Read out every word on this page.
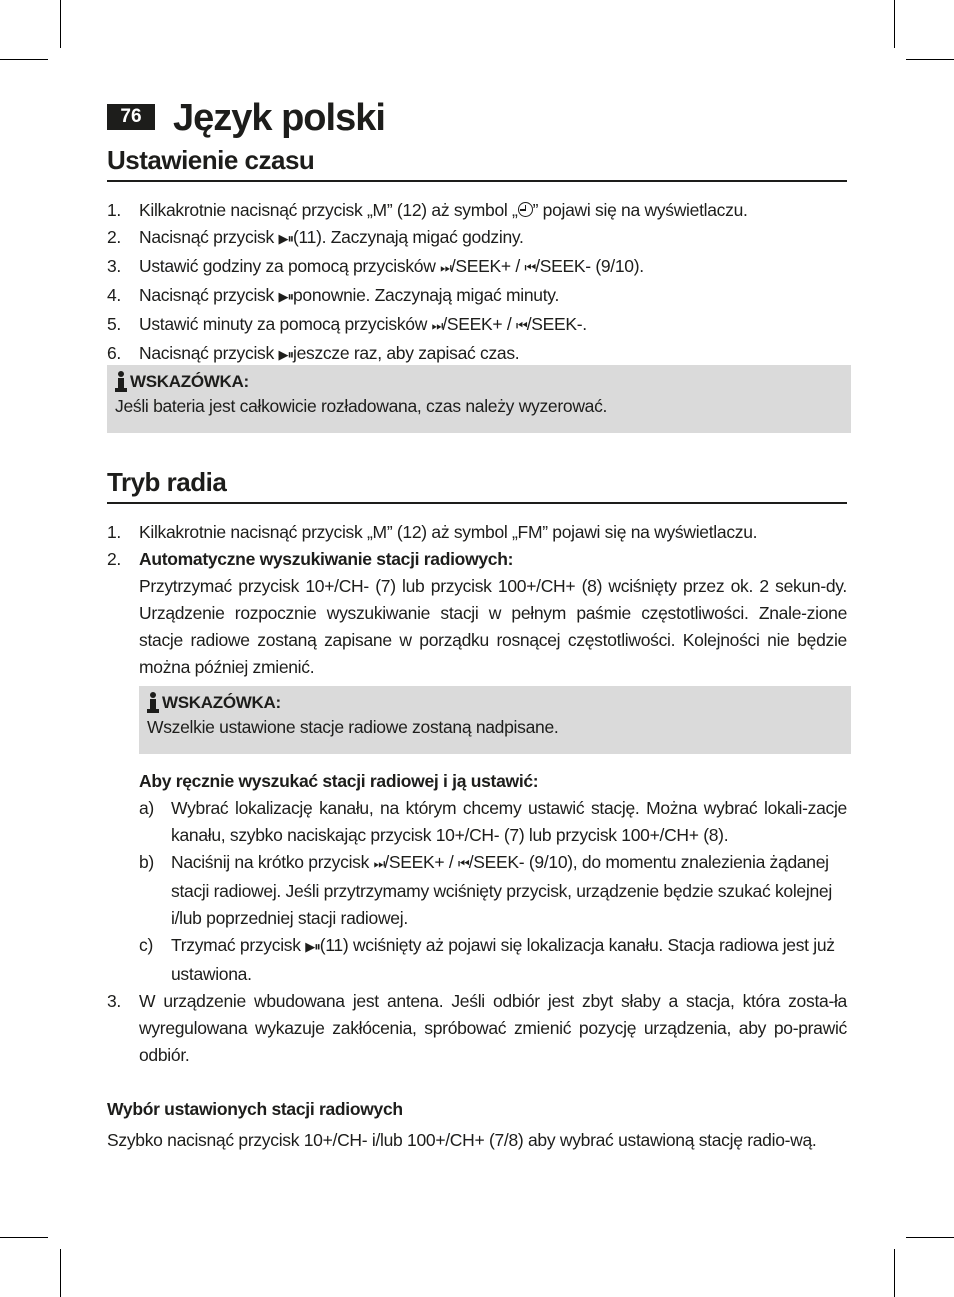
76 Język polski
Ustawienie czasu
1. Kilkakrotnie nacisnąć przycisk „M” (12) aż symbol „ ” pojawi się na wyświetlaczu.
2. Nacisnąć przycisk ▶⏸(11). Zaczynają migać godziny.
3. Ustawić godziny za pomocą przycisków ⏭/SEEK+ / ⏮/SEEK- (9/10).
4. Nacisnąć przycisk ▶⏸ponownie. Zaczynają migać minuty.
5. Ustawić minuty za pomocą przycisków ⏭/SEEK+ / ⏮/SEEK-.
6. Nacisnąć przycisk ▶⏸jeszcze raz, aby zapisać czas.
WSKAZÓWKA:
Jeśli bateria jest całkowicie rozładowana, czas należy wyzerować.
Tryb radia
1. Kilkakrotnie nacisnąć przycisk „M” (12) aż symbol „FM” pojawi się na wyświetlaczu.
2. Automatyczne wyszukiwanie stacji radiowych:
Przytrzymać przycisk 10+/CH- (7) lub przycisk 100+/CH+ (8) wciśnięty przez ok. 2 sekun-dy. Urządzenie rozpocznie wyszukiwanie stacji w pełnym paśmie częstotliwości. Znale-zione stacje radiowe zostaną zapisane w porządku rosnącej częstotliwości. Kolejności nie będzie można później zmienić.
WSKAZÓWKA:
Wszelkie ustawione stacje radiowe zostaną nadpisane.
Aby ręcznie wyszukać stacji radiowej i ją ustawić:
a) Wybrać lokalizację kanału, na którym chcemy ustawić stację. Można wybrać lokali-zacje kanału, szybko naciskając przycisk 10+/CH- (7) lub przycisk 100+/CH+ (8).
b) Naciśnij na krótko przycisk ⏭/SEEK+ / ⏮/SEEK- (9/10), do momentu znalezienia żądanej stacji radiowej. Jeśli przytrzymamy wciśnięty przycisk, urządzenie będzie szukać kolejnej i/lub poprzedniej stacji radiowej.
c) Trzymać przycisk ▶⏸(11) wciśnięty aż pojawi się lokalizacja kanału. Stacja radiowa jest już ustawiona.
3. W urządzenie wbudowana jest antena. Jeśli odbiór jest zbyt słaby a stacja, która zosta-ła wyregulowana wykazuje zakłócenia, spróbować zmienić pozycję urządzenia, aby po-prawić odbiór.
Wybór ustawionych stacji radiowych
Szybko nacisnąć przycisk 10+/CH- i/lub 100+/CH+ (7/8) aby wybrać ustawioną stację radio-wą.
